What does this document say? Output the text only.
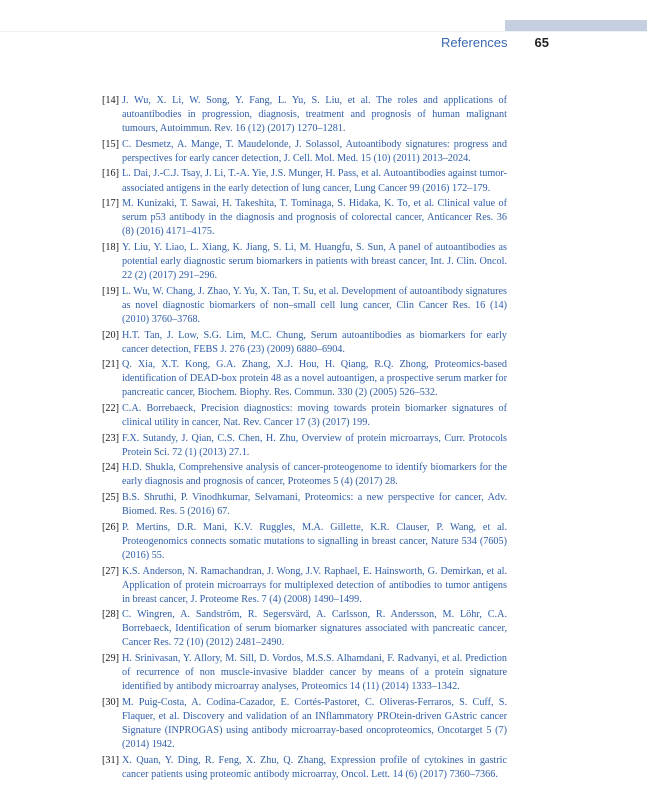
References 65
[14] J. Wu, X. Li, W. Song, Y. Fang, L. Yu, S. Liu, et al. The roles and applications of autoantibodies in progression, diagnosis, treatment and prognosis of human malignant tumours, Autoimmun. Rev. 16 (12) (2017) 1270–1281.
[15] C. Desmetz, A. Mange, T. Maudelonde, J. Solassol, Autoantibody signatures: progress and perspectives for early cancer detection, J. Cell. Mol. Med. 15 (10) (2011) 2013–2024.
[16] L. Dai, J.-C.J. Tsay, J. Li, T.-A. Yie, J.S. Munger, H. Pass, et al. Autoantibodies against tumor-associated antigens in the early detection of lung cancer, Lung Cancer 99 (2016) 172–179.
[17] M. Kunizaki, T. Sawai, H. Takeshita, T. Tominaga, S. Hidaka, K. To, et al. Clinical value of serum p53 antibody in the diagnosis and prognosis of colorectal cancer, Anticancer Res. 36 (8) (2016) 4171–4175.
[18] Y. Liu, Y. Liao, L. Xiang, K. Jiang, S. Li, M. Huangfu, S. Sun, A panel of autoantibodies as potential early diagnostic serum biomarkers in patients with breast cancer, Int. J. Clin. Oncol. 22 (2) (2017) 291–296.
[19] L. Wu, W. Chang, J. Zhao, Y. Yu, X. Tan, T. Su, et al. Development of autoantibody signatures as novel diagnostic biomarkers of non–small cell lung cancer, Clin Cancer Res. 16 (14) (2010) 3760–3768.
[20] H.T. Tan, J. Low, S.G. Lim, M.C. Chung, Serum autoantibodies as biomarkers for early cancer detection, FEBS J. 276 (23) (2009) 6880–6904.
[21] Q. Xia, X.T. Kong, G.A. Zhang, X.J. Hou, H. Qiang, R.Q. Zhong, Proteomics-based identification of DEAD-box protein 48 as a novel autoantigen, a prospective serum marker for pancreatic cancer, Biochem. Biophy. Res. Commun. 330 (2) (2005) 526–532.
[22] C.A. Borrebaeck, Precision diagnostics: moving towards protein biomarker signatures of clinical utility in cancer, Nat. Rev. Cancer 17 (3) (2017) 199.
[23] F.X. Sutandy, J. Qian, C.S. Chen, H. Zhu, Overview of protein microarrays, Curr. Protocols Protein Sci. 72 (1) (2013) 27.1.
[24] H.D. Shukla, Comprehensive analysis of cancer-proteogenome to identify biomarkers for the early diagnosis and prognosis of cancer, Proteomes 5 (4) (2017) 28.
[25] B.S. Shruthi, P. Vinodhkumar, Selvamani, Proteomics: a new perspective for cancer, Adv. Biomed. Res. 5 (2016) 67.
[26] P. Mertins, D.R. Mani, K.V. Ruggles, M.A. Gillette, K.R. Clauser, P. Wang, et al. Proteogenomics connects somatic mutations to signalling in breast cancer, Nature 534 (7605) (2016) 55.
[27] K.S. Anderson, N. Ramachandran, J. Wong, J.V. Raphael, E. Hainsworth, G. Demirkan, et al. Application of protein microarrays for multiplexed detection of antibodies to tumor antigens in breast cancer, J. Proteome Res. 7 (4) (2008) 1490–1499.
[28] C. Wingren, A. Sandström, R. Segersvärd, A. Carlsson, R. Andersson, M. Löhr, C.A. Borrebaeck, Identification of serum biomarker signatures associated with pancreatic cancer, Cancer Res. 72 (10) (2012) 2481–2490.
[29] H. Srinivasan, Y. Allory, M. Sill, D. Vordos, M.S.S. Alhamdani, F. Radvanyi, et al. Prediction of recurrence of non muscle-invasive bladder cancer by means of a protein signature identified by antibody microarray analyses, Proteomics 14 (11) (2014) 1333–1342.
[30] M. Puig-Costa, A. Codina-Cazador, E. Cortés-Pastoret, C. Oliveras-Ferraros, S. Cuff, S. Flaquer, et al. Discovery and validation of an INflammatory PROtein-driven GAstric cancer Signature (INPROGAS) using antibody microarray-based oncoproteomics, Oncotarget 5 (7) (2014) 1942.
[31] X. Quan, Y. Ding, R. Feng, X. Zhu, Q. Zhang, Expression profile of cytokines in gastric cancer patients using proteomic antibody microarray, Oncol. Lett. 14 (6) (2017) 7360–7366.
